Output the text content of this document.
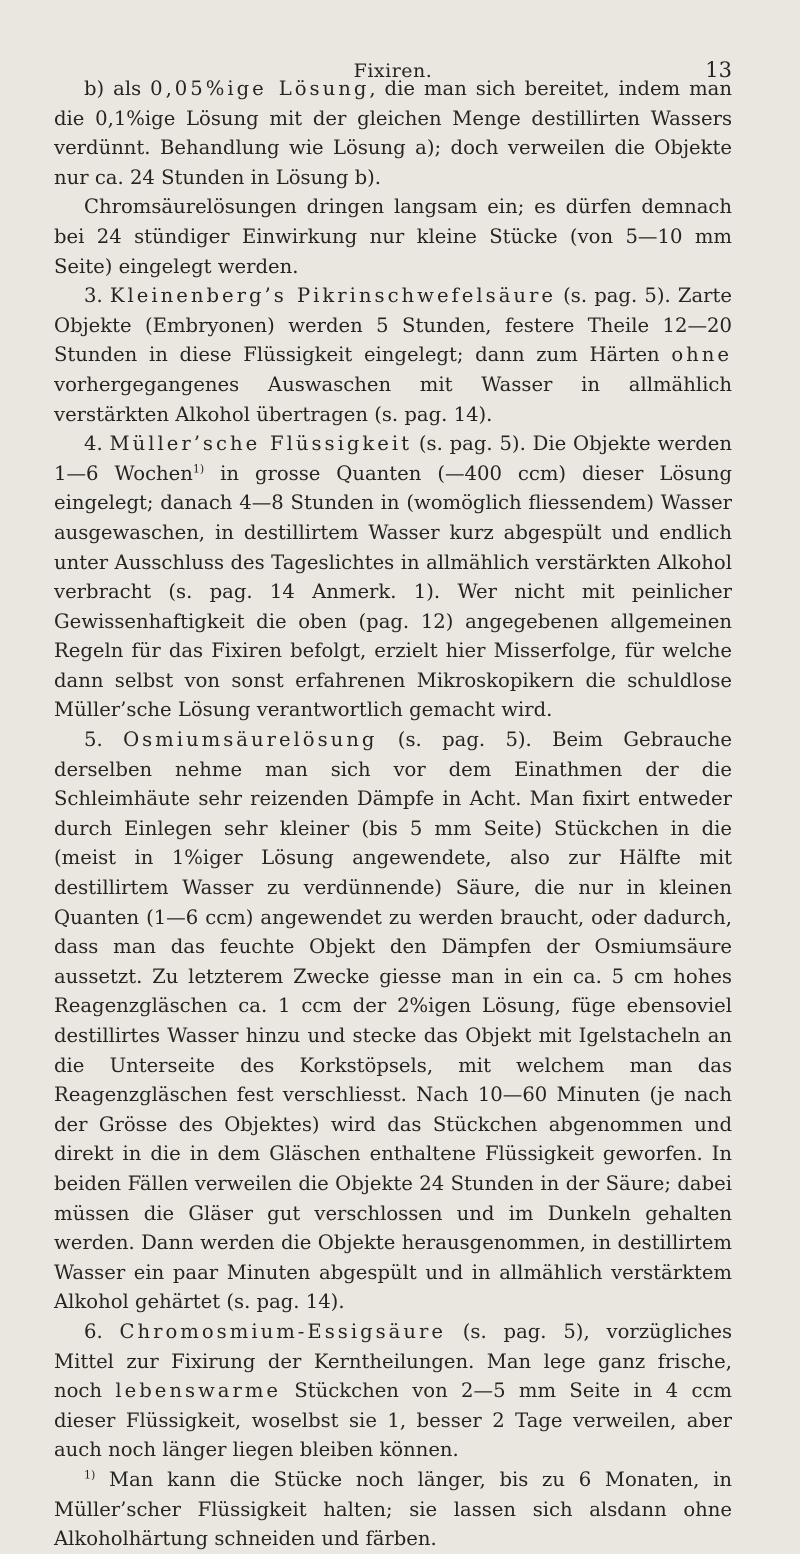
Fixiren.	13

b) als 0,05%ige Lösung, die man sich bereitet, indem man die 0,1%ige Lösung mit der gleichen Menge destillirten Wassers verdünnt. Behandlung wie Lösung a); doch verweilen die Objekte nur ca. 24 Stunden in Lösung b).

Chromsäurelösungen dringen langsam ein; es dürfen demnach bei 24 stündiger Einwirkung nur kleine Stücke (von 5—10 mm Seite) eingelegt werden.

3. Kleinenberg’s Pikrinschwefelsäure (s. pag. 5). Zarte Objekte (Embryonen) werden 5 Stunden, festere Theile 12—20 Stunden in diese Flüssigkeit eingelegt; dann zum Härten ohne vorhergegangenes Auswaschen mit Wasser in allmählich verstärkten Alkohol übertragen (s. pag. 14).

4. Müller’sche Flüssigkeit (s. pag. 5). Die Objekte werden 1—6 Wochen$^{1)}$ in grosse Quanten (—400 ccm) dieser Lösung eingelegt; danach 4—8 Stunden in (womöglich fliessendem) Wasser ausgewaschen, in destillirtem Wasser kurz abgespült und endlich unter Ausschluss des Tageslichtes in allmählich verstärkten Alkohol verbracht (s. pag. 14 Anmerk. 1). Wer nicht mit peinlicher Gewissenhaftigkeit die oben (pag. 12) angegebenen allgemeinen Regeln für das Fixiren befolgt, erzielt hier Misserfolge, für welche dann selbst von sonst erfahrenen Mikroskopikern die schuldlose Müller’sche Lösung verantwortlich gemacht wird.

5. Osmiumsäurelösung (s. pag. 5). Beim Gebrauche derselben nehme man sich vor dem Einathmen der die Schleimhäute sehr reizenden Dämpfe in Acht. Man fixirt entweder durch Einlegen sehr kleiner (bis 5 mm Seite) Stückchen in die (meist in 1%iger Lösung angewendete, also zur Hälfte mit destillirtem Wasser zu verdünnende) Säure, die nur in kleinen Quanten (1—6 ccm) angewendet zu werden braucht, oder dadurch, dass man das feuchte Objekt den Dämpfen der Osmiumsäure aussetzt. Zu letzterem Zwecke giesse man in ein ca. 5 cm hohes Reagenzgläschen ca. 1 ccm der 2%igen Lösung, füge ebensoviel destillirtes Wasser hinzu und stecke das Objekt mit Igelstacheln an die Unterseite des Korkstöpsels, mit welchem man das Reagenzgläschen fest verschliesst. Nach 10—60 Minuten (je nach der Grösse des Objektes) wird das Stückchen abgenommen und direkt in die in dem Gläschen enthaltene Flüssigkeit geworfen. In beiden Fällen verweilen die Objekte 24 Stunden in der Säure; dabei müssen die Gläser gut verschlossen und im Dunkeln gehalten werden. Dann werden die Objekte herausgenommen, in destillirtem Wasser ein paar Minuten abgespült und in allmählich verstärktem Alkohol gehärtet (s. pag. 14).

6. Chromosmium-Essigsäure (s. pag. 5), vorzügliches Mittel zur Fixirung der Kerntheilungen. Man lege ganz frische, noch lebenswarme Stückchen von 2—5 mm Seite in 4 ccm dieser Flüssigkeit, woselbst sie 1, besser 2 Tage verweilen, aber auch noch länger liegen bleiben können.

$^{1)}$ Man kann die Stücke noch länger, bis zu 6 Monaten, in Müller’scher Flüssigkeit halten; sie lassen sich alsdann ohne Alkoholhärtung schneiden und färben.
